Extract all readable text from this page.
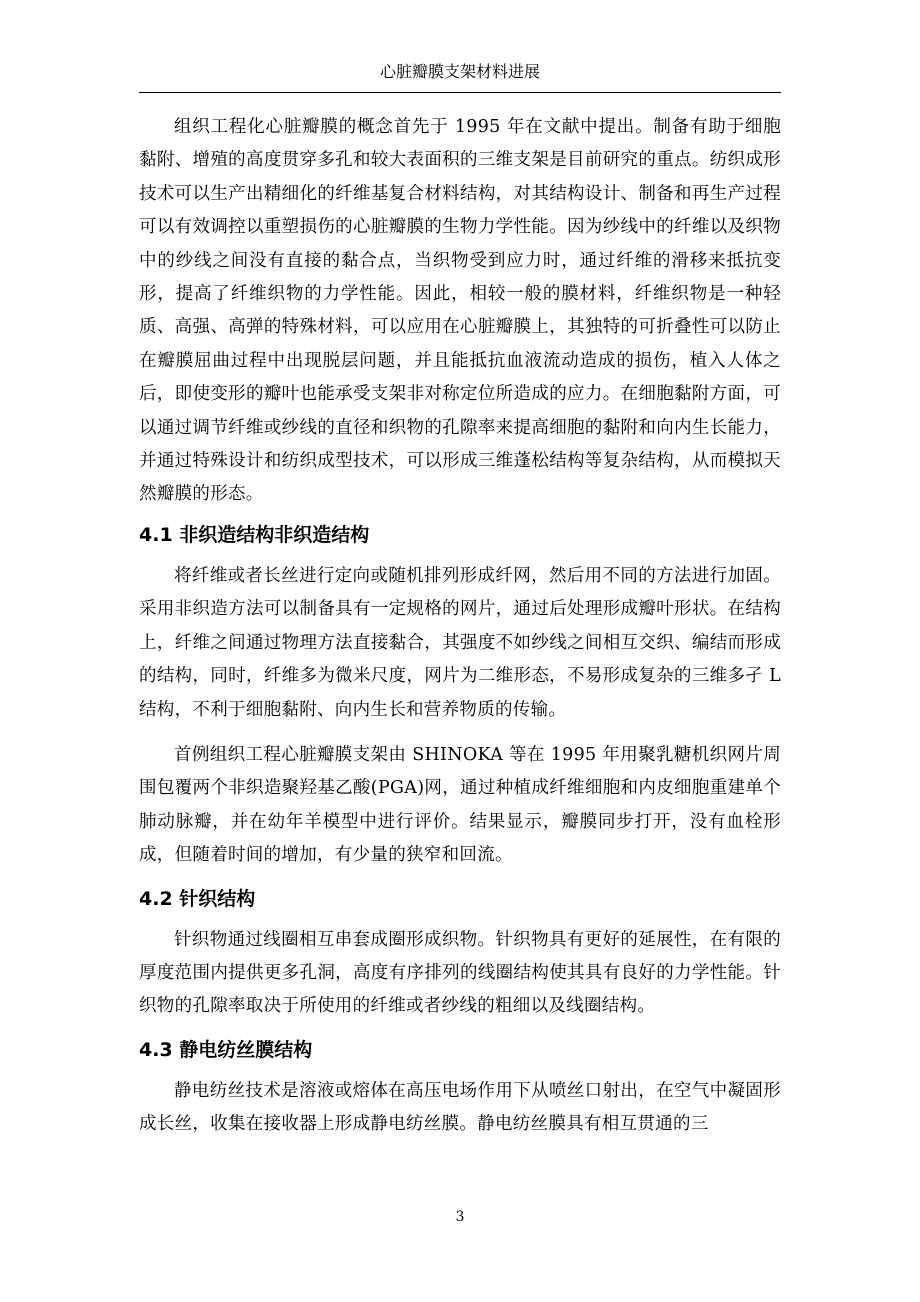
心脏瓣膜支架材料进展

组织工程化心脏瓣膜的概念首先于 1995 年在文献中提出。制备有助于细胞黏附、增殖的高度贯穿多孔和较大表面积的三维支架是目前研究的重点。纺织成形技术可以生产出精细化的纤维基复合材料结构，对其结构设计、制备和再生产过程可以有效调控以重塑损伤的心脏瓣膜的生物力学性能。因为纱线中的纤维以及织物中的纱线之间没有直接的黏合点，当织物受到应力时，通过纤维的滑移来抵抗变形，提高了纤维织物的力学性能。因此，相较一般的膜材料，纤维织物是一种轻质、高强、高弹的特殊材料，可以应用在心脏瓣膜上，其独特的可折叠性可以防止在瓣膜屈曲过程中出现脱层问题，并且能抵抗血液流动造成的损伤，植入人体之后，即使变形的瓣叶也能承受支架非对称定位所造成的应力。在细胞黏附方面，可以通过调节纤维或纱线的直径和织物的孔隙率来提高细胞的黏附和向内生长能力，并通过特殊设计和纺织成型技术，可以形成三维蓬松结构等复杂结构，从而模拟天然瓣膜的形态。

4.1 非织造结构非织造结构

将纤维或者长丝进行定向或随机排列形成纤网，然后用不同的方法进行加固。采用非织造方法可以制备具有一定规格的网片，通过后处理形成瓣叶形状。在结构上，纤维之间通过物理方法直接黏合，其强度不如纱线之间相互交织、编结而形成的结构，同时，纤维多为微米尺度，网片为二维形态，不易形成复杂的三维多孑 L 结构，不利于细胞黏附、向内生长和营养物质的传输。

首例组织工程心脏瓣膜支架由 SHINOKA 等在 1995 年用聚乳糖机织网片周围包覆两个非织造聚羟基乙酸(PGA)网，通过种植成纤维细胞和内皮细胞重建单个肺动脉瓣，并在幼年羊模型中进行评价。结果显示，瓣膜同步打开，没有血栓形成，但随着时间的增加，有少量的狭窄和回流。

4.2 针织结构

针织物通过线圈相互串套成圈形成织物。针织物具有更好的延展性，在有限的厚度范围内提供更多孔洞，高度有序排列的线圈结构使其具有良好的力学性能。针织物的孔隙率取决于所使用的纤维或者纱线的粗细以及线圈结构。

4.3 静电纺丝膜结构

静电纺丝技术是溶液或熔体在高压电场作用下从喷丝口射出，在空气中凝固形成长丝，收集在接收器上形成静电纺丝膜。静电纺丝膜具有相互贯通的三

3
